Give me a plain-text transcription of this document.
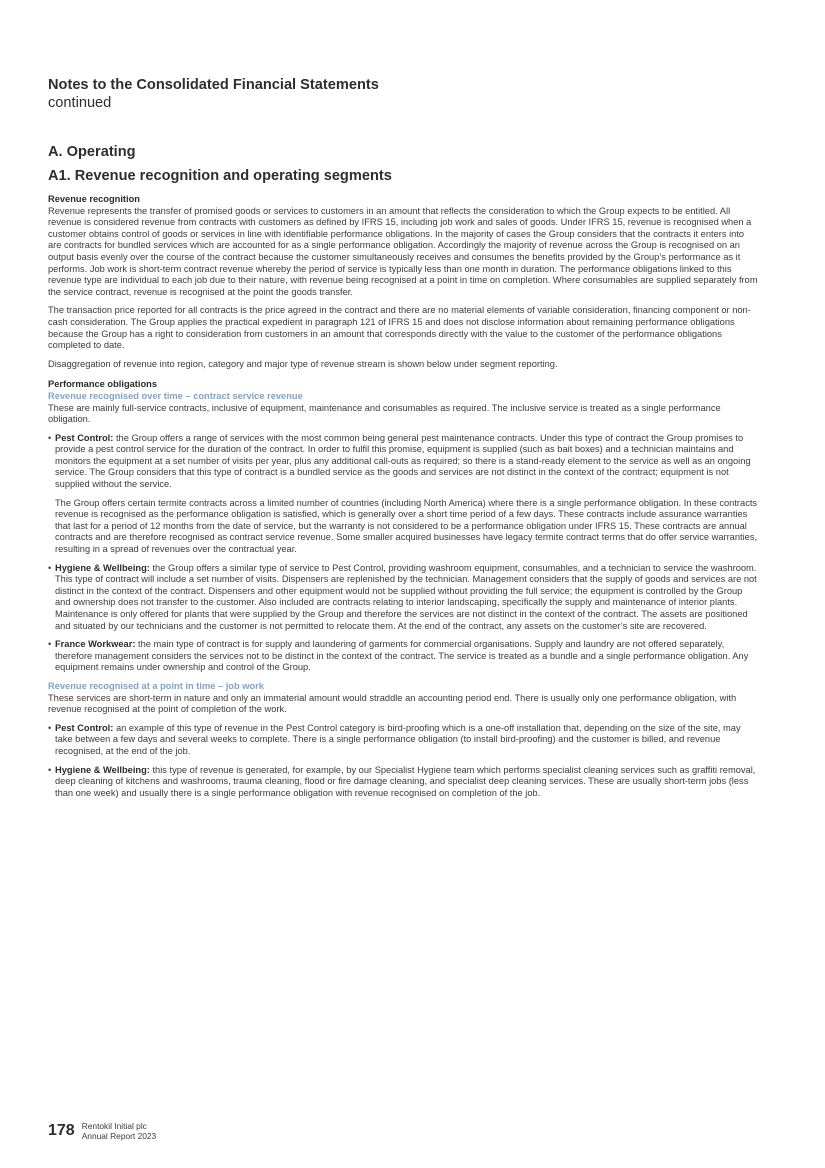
Notes to the Consolidated Financial Statements
continued
A. Operating
A1. Revenue recognition and operating segments
Revenue recognition

Revenue represents the transfer of promised goods or services to customers in an amount that reflects the consideration to which the Group expects to be entitled. All revenue is considered revenue from contracts with customers as defined by IFRS 15, including job work and sales of goods. Under IFRS 15, revenue is recognised when a customer obtains control of goods or services in line with identifiable performance obligations. In the majority of cases the Group considers that the contracts it enters into are contracts for bundled services which are accounted for as a single performance obligation. Accordingly the majority of revenue across the Group is recognised on an output basis evenly over the course of the contract because the customer simultaneously receives and consumes the benefits provided by the Group’s performance as it performs. Job work is short-term contract revenue whereby the period of service is typically less than one month in duration. The performance obligations linked to this revenue type are individual to each job due to their nature, with revenue being recognised at a point in time on completion. Where consumables are supplied separately from the service contract, revenue is recognised at the point the goods transfer.

The transaction price reported for all contracts is the price agreed in the contract and there are no material elements of variable consideration, financing component or non-cash consideration. The Group applies the practical expedient in paragraph 121 of IFRS 15 and does not disclose information about remaining performance obligations because the Group has a right to consideration from customers in an amount that corresponds directly with the value to the customer of the performance obligations completed to date.

Disaggregation of revenue into region, category and major type of revenue stream is shown below under segment reporting.

Performance obligations
Revenue recognised over time – contract service revenue

These are mainly full-service contracts, inclusive of equipment, maintenance and consumables as required. The inclusive service is treated as a single performance obligation.

• Pest Control: the Group offers a range of services with the most common being general pest maintenance contracts. Under this type of contract the Group promises to provide a pest control service for the duration of the contract. In order to fulfil this promise, equipment is supplied (such as bait boxes) and a technician maintains and monitors the equipment at a set number of visits per year, plus any additional call-outs as required; so there is a stand-ready element to the service as well as an ongoing service. The Group considers that this type of contract is a bundled service as the goods and services are not distinct in the context of the contract; equipment is not supplied without the service.

The Group offers certain termite contracts across a limited number of countries (including North America) where there is a single performance obligation. In these contracts revenue is recognised as the performance obligation is satisfied, which is generally over a short time period of a few days. These contracts include assurance warranties that last for a period of 12 months from the date of service, but the warranty is not considered to be a performance obligation under IFRS 15. These contracts are annual contracts and are therefore recognised as contract service revenue. Some smaller acquired businesses have legacy termite contract terms that do offer service warranties, resulting in a spread of revenues over the contractual year.

• Hygiene & Wellbeing: the Group offers a similar type of service to Pest Control, providing washroom equipment, consumables, and a technician to service the washroom. This type of contract will include a set number of visits. Dispensers are replenished by the technician. Management considers that the supply of goods and services are not distinct in the context of the contract. Dispensers and other equipment would not be supplied without providing the full service; the equipment is controlled by the Group and ownership does not transfer to the customer. Also included are contracts relating to interior landscaping, specifically the supply and maintenance of interior plants. Maintenance is only offered for plants that were supplied by the Group and therefore the services are not distinct in the context of the contract. The assets are positioned and situated by our technicians and the customer is not permitted to relocate them. At the end of the contract, any assets on the customer’s site are recovered.
• France Workwear: the main type of contract is for supply and laundering of garments for commercial organisations. Supply and laundry are not offered separately, therefore management considers the services not to be distinct in the context of the contract. The service is treated as a bundle and a single performance obligation. Any equipment remains under ownership and control of the Group.
Revenue recognised at a point in time – job work

These services are short-term in nature and only an immaterial amount would straddle an accounting period end. There is usually only one performance obligation, with revenue recognised at the point of completion of the work.

• Pest Control: an example of this type of revenue in the Pest Control category is bird-proofing which is a one-off installation that, depending on the size of the site, may take between a few days and several weeks to complete. There is a single performance obligation (to install bird-proofing) and the customer is billed, and revenue recognised, at the end of the job.
• Hygiene & Wellbeing: this type of revenue is generated, for example, by our Specialist Hygiene team which performs specialist cleaning services such as graffiti removal, deep cleaning of kitchens and washrooms, trauma cleaning, flood or fire damage cleaning, and specialist deep cleaning services. These are usually short-term jobs (less than one week) and usually there is a single performance obligation with revenue recognised on completion of the job.
178 Rentokil Initial plc
Annual Report 2023
